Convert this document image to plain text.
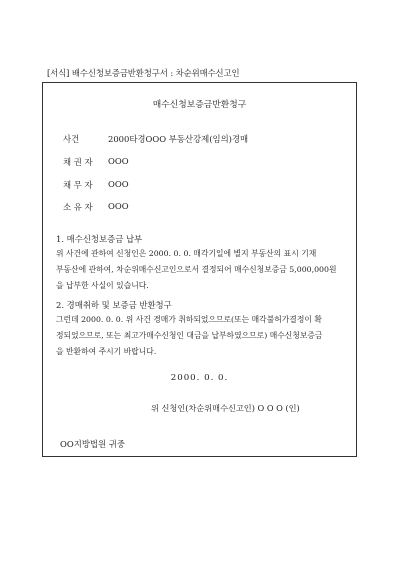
[서식] 배수신청보증금반환청구서 : 차순위매수신고인
매수신청보증금반환청구
사건	2000타경OOO 부동산강제(임의)경매
채 권 자 OOO
채 무 자 OOO
소 유 자 OOO
1. 매수신청보증금 납부
위 사건에 관하여 신청인은 2000. 0. 0. 매각기일에 별지 부동산의 표시 기재
부동산에 관하여, 차순위매수신고인으로서 결정되어 매수신청보증금 5,000,000원
을 납부한 사실이 있습니다.
2. 경매취하 및 보증금 반환청구
그런데 2000. 0. 0. 위 사건 경매가 취하되었으므로(또는 매각불허가결정이 확
정되었으므로, 또는 최고가매수신청인 대금을 납부하였으므로) 매수신청보증금
을 반환하여 주시기 바랍니다.
2000. 0. 0.
위 신청인(차순위매수신고인) O O O (인)
OO지방법원 귀중
